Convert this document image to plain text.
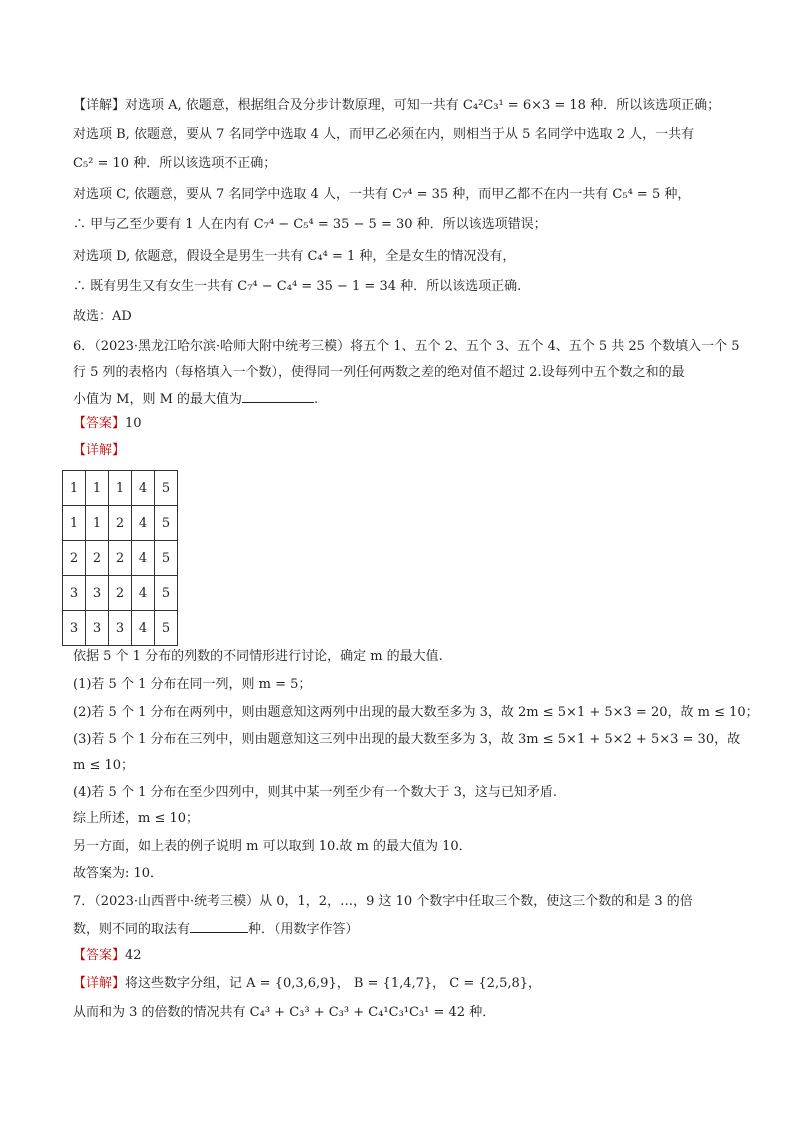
【详解】对选项 A, 依题意，根据组合及分步计数原理，可知一共有 C₄²C₃¹ = 6×3 = 18 种．所以该选项正确；
对选项 B, 依题意，要从 7 名同学中选取 4 人，而甲乙必须在内，则相当于从 5 名同学中选取 2 人，一共有
C₅² = 10 种．所以该选项不正确；
对选项 C, 依题意，要从 7 名同学中选取 4 人，一共有 C₇⁴ = 35 种，而甲乙都不在内一共有 C₅⁴ = 5 种，
∴ 甲与乙至少要有 1 人在内有 C₇⁴ − C₅⁴ = 35 − 5 = 30 种．所以该选项错误；
对选项 D, 依题意，假设全是男生一共有 C₄⁴ = 1 种，全是女生的情况没有，
∴ 既有男生又有女生一共有 C₇⁴ − C₄⁴ = 35 − 1 = 34 种．所以该选项正确.
故选：AD
6．（2023·黑龙江哈尔滨·哈师大附中统考三模）将五个 1、五个 2、五个 3、五个 4、五个 5 共 25 个数填入一个 5
行 5 列的表格内（每格填入一个数），使得同一列任何两数之差的绝对值不超过 2.设每列中五个数之和的最
小值为 M，则 M 的最大值为	.
【答案】10
【详解】
1	1	1	4	5
1	1	2	4	5
2	2	2	4	5
3	3	2	4	5
3	3	3	4	5
依据 5 个 1 分布的列数的不同情形进行讨论，确定 m 的最大值.
(1)若 5 个 1 分布在同一列，则 m = 5；
(2)若 5 个 1 分布在两列中，则由题意知这两列中出现的最大数至多为 3，故 2m ≤ 5×1 + 5×3 = 20，故 m ≤ 10；
(3)若 5 个 1 分布在三列中，则由题意知这三列中出现的最大数至多为 3，故 3m ≤ 5×1 + 5×2 + 5×3 = 30，故
m ≤ 10；
(4)若 5 个 1 分布在至少四列中，则其中某一列至少有一个数大于 3，这与已知矛盾.
综上所述，m ≤ 10；
另一方面，如上表的例子说明 m 可以取到 10.故 m 的最大值为 10．
故答案为: 10．
7．（2023·山西晋中·统考三模）从 0，1，2，…，9 这 10 个数字中任取三个数，使这三个数的和是 3 的倍
数，则不同的取法有	种．（用数字作答）
【答案】42
【详解】将这些数字分组，记 A = {0,3,6,9}， B = {1,4,7}， C = {2,5,8}，
从而和为 3 的倍数的情况共有 C₄³ + C₃³ + C₃³ + C₄¹C₃¹C₃¹ = 42 种．
